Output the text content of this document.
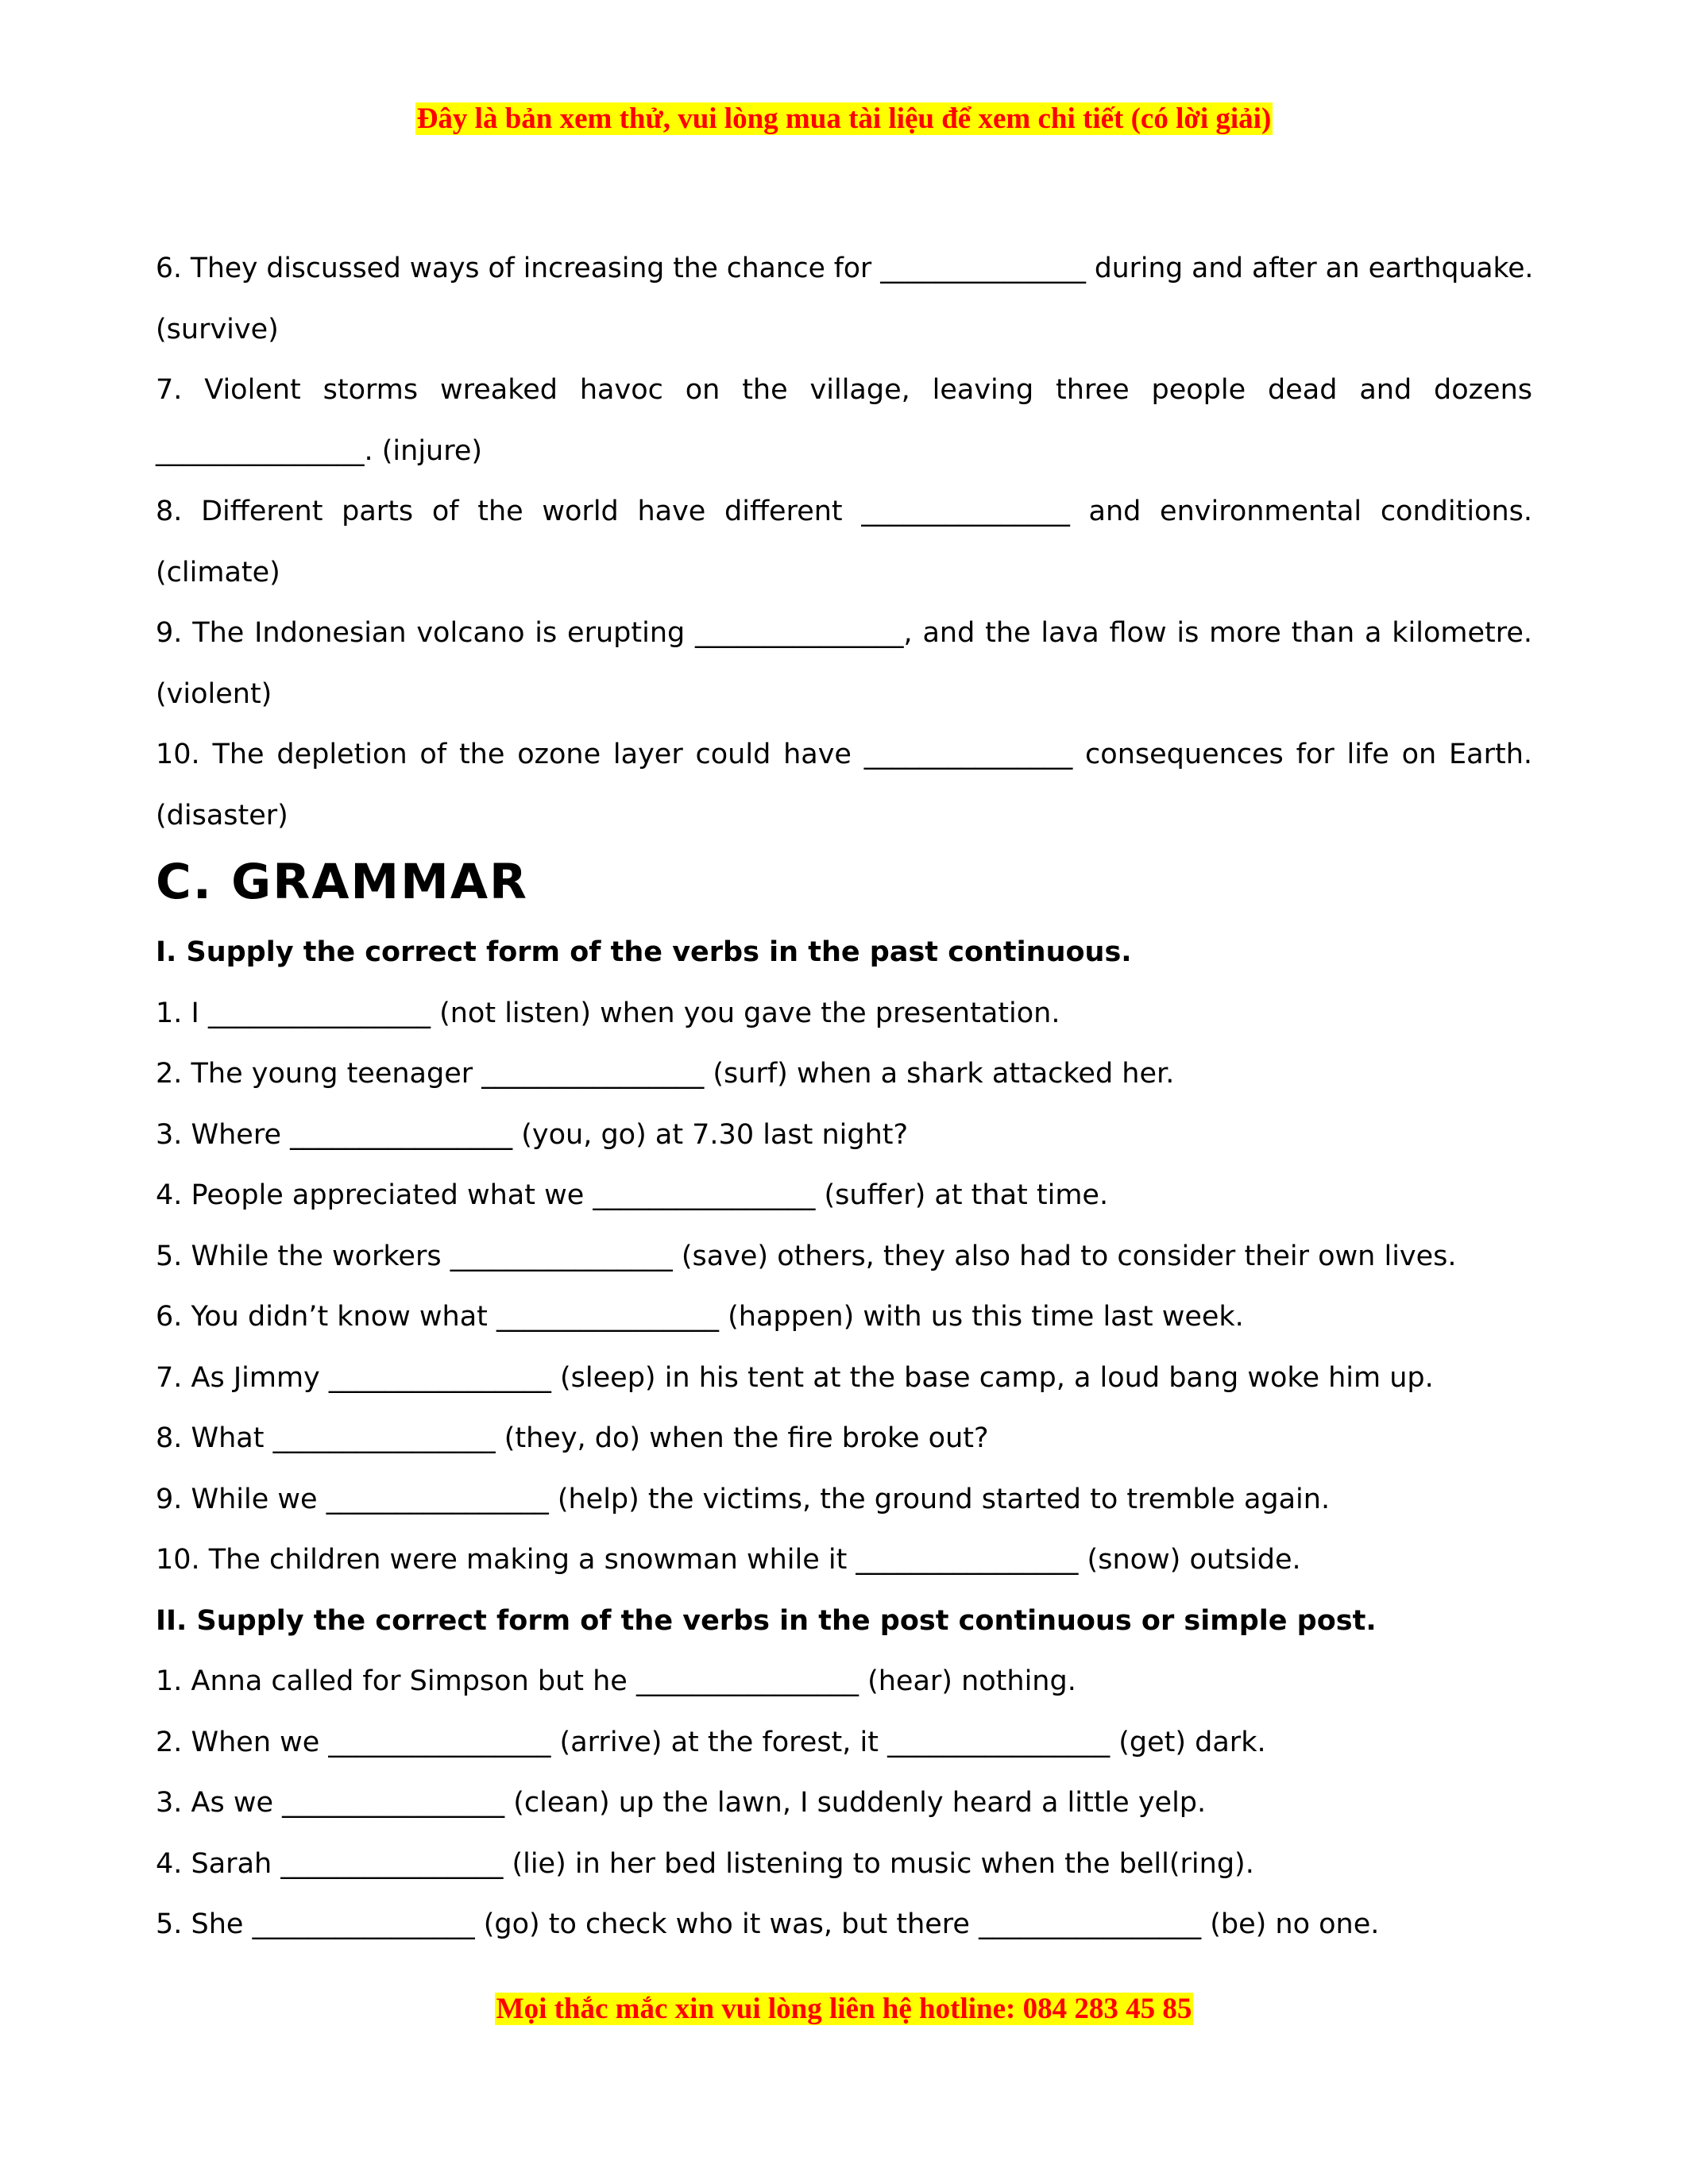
Đây là bản xem thử, vui lòng mua tài liệu để xem chi tiết (có lời giải)
6. They discussed ways of increasing the chance for _______________ during and after an earthquake.
(survive)
7. Violent storms wreaked havoc on the village, leaving three people dead and dozens
_______________. (injure)
8. Different parts of the world have different _______________ and environmental conditions.
(climate)
9. The Indonesian volcano is erupting _______________, and the lava flow is more than a kilometre.
(violent)
10. The depletion of the ozone layer could have _______________ consequences for life on Earth.
(disaster)
C. GRAMMAR
I. Supply the correct form of the verbs in the past continuous.
1. I ________________ (not listen) when you gave the presentation.
2. The young teenager ________________ (surf) when a shark attacked her.
3. Where ________________ (you, go) at 7.30 last night?
4. People appreciated what we ________________ (suffer) at that time.
5. While the workers ________________ (save) others, they also had to consider their own lives.
6. You didn’t know what ________________ (happen) with us this time last week.
7. As Jimmy ________________ (sleep) in his tent at the base camp, a loud bang woke him up.
8. What ________________ (they, do) when the fire broke out?
9. While we ________________ (help) the victims, the ground started to tremble again.
10. The children were making a snowman while it ________________ (snow) outside.
II. Supply the correct form of the verbs in the post continuous or simple post.
1. Anna called for Simpson but he ________________ (hear) nothing.
2. When we ________________ (arrive) at the forest, it ________________ (get) dark.
3. As we ________________ (clean) up the lawn, I suddenly heard a little yelp.
4. Sarah ________________ (lie) in her bed listening to music when the bell(ring).
5. She ________________ (go) to check who it was, but there ________________ (be) no one.
Mọi thắc mắc xin vui lòng liên hệ hotline: 084 283 45 85
